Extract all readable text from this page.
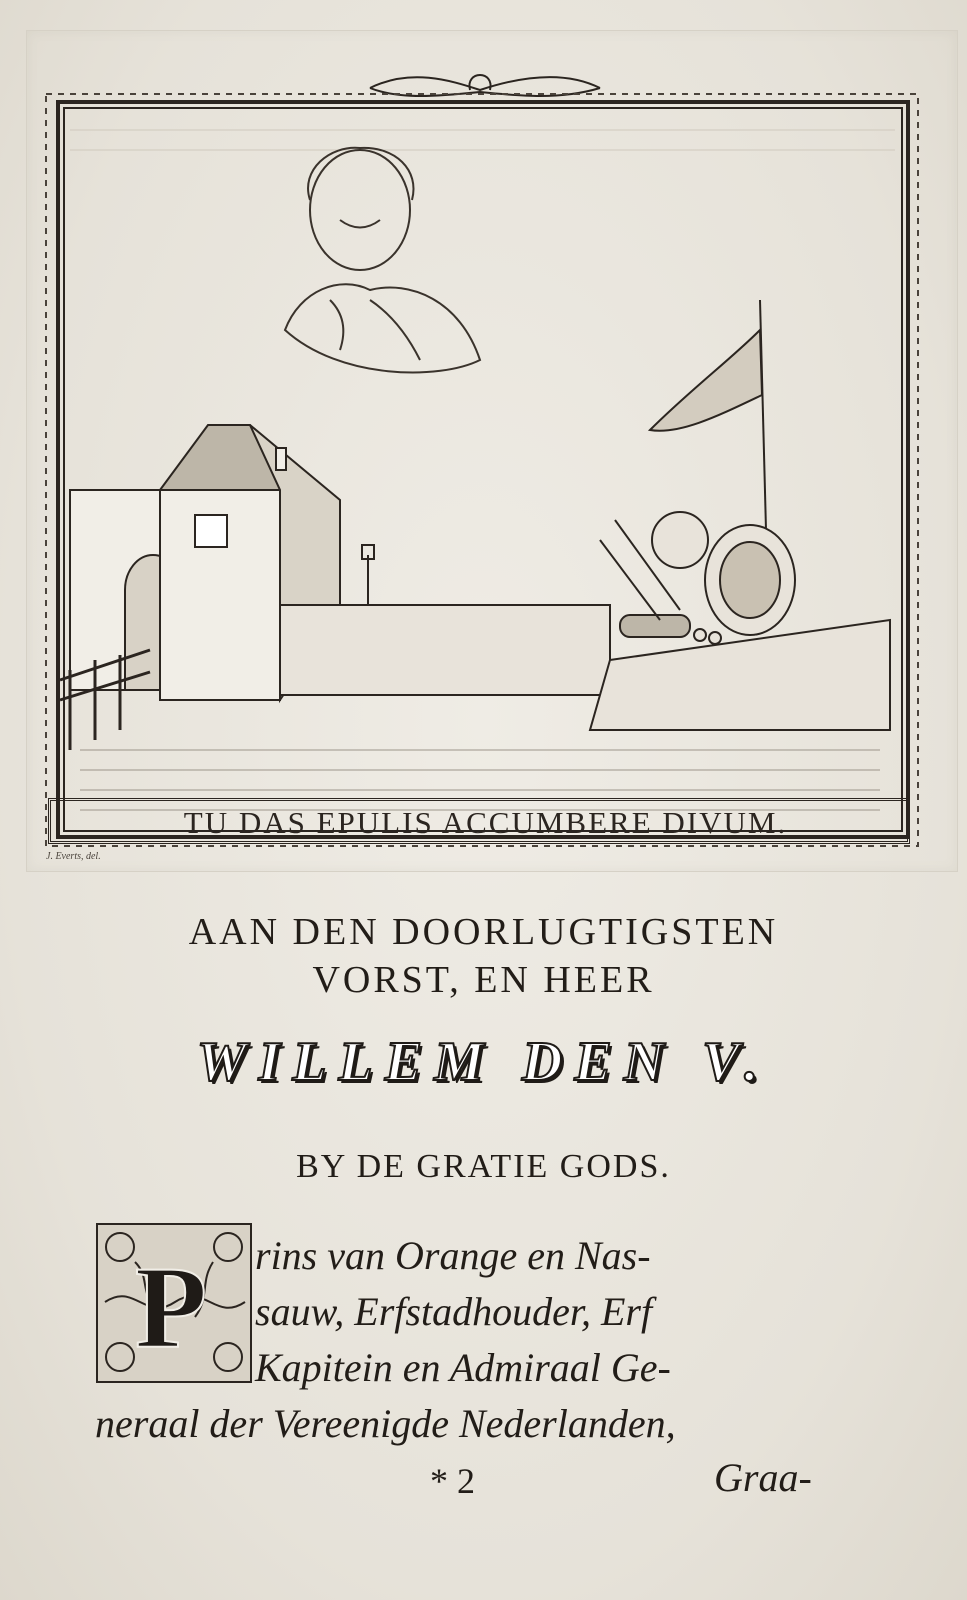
TU DAS EPULIS ACCUMBERE DIVUM.
J. Everts, del.
AAN DEN DOORLUGTIGSTEN
VORST, EN HEER
WILLEM DEN V.
BY DE GRATIE GODS.
P	rins van Orange en Nas-
sauw, Erfstadhouder, Erf
Kapitein en Admiraal Ge-
neraal der Vereenigde Nederlanden,
* 2	Graa-
